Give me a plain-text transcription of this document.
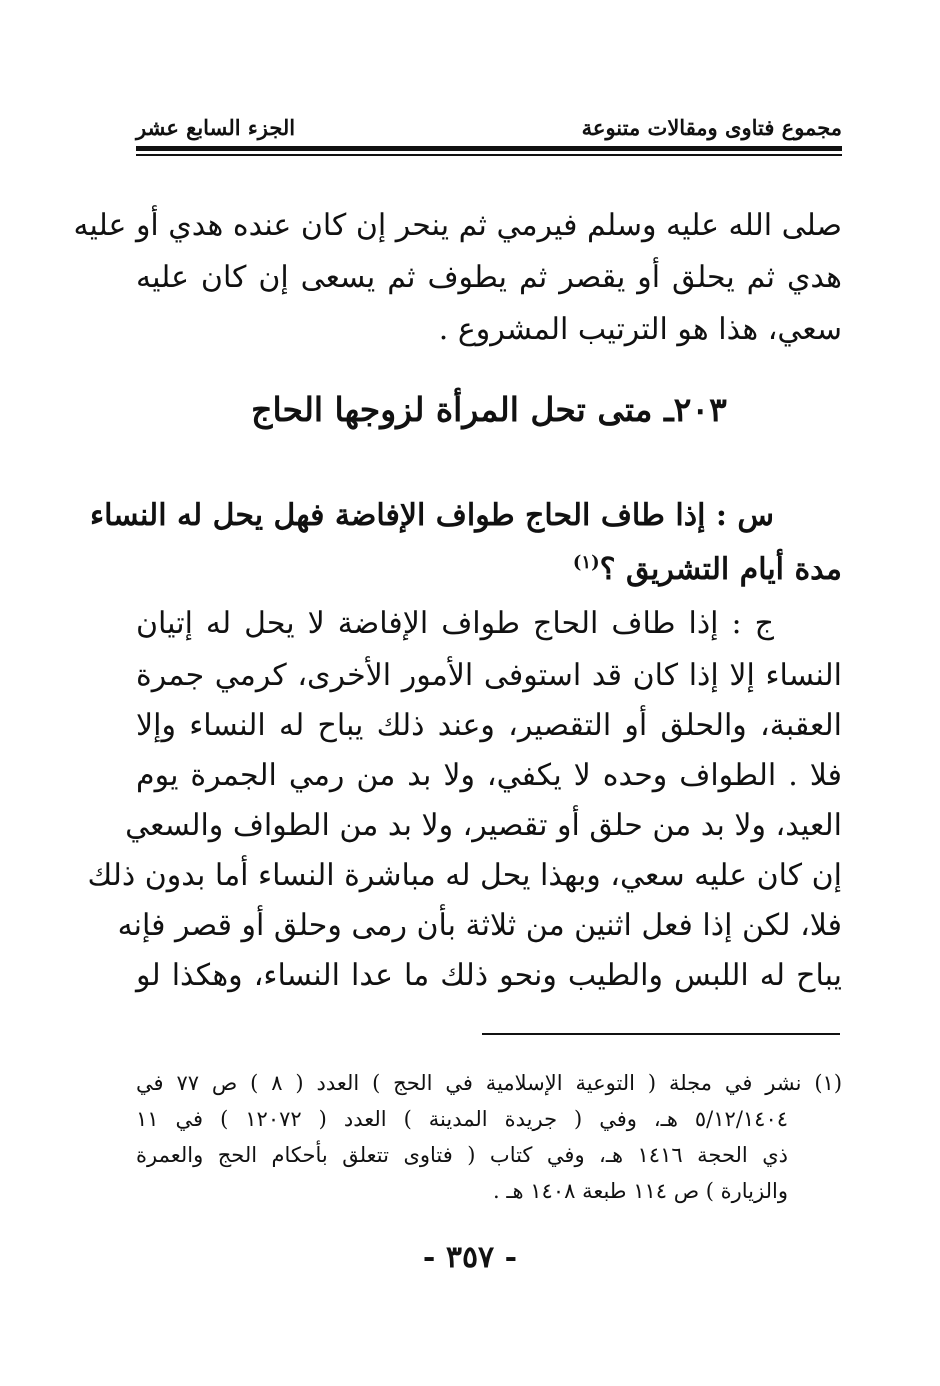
مجموع فتاوى ومقالات متنوعة
الجزء السابع عشر
صلى الله عليه وسلم فيرمي ثم ينحر إن كان عنده هدي أو عليه
هدي ثم يحلق أو يقصر ثم يطوف ثم يسعى إن كان عليه
سعي، هذا هو الترتيب المشروع .
٢٠٣ـ متى تحل المرأة لزوجها الحاج
س : إذا طاف الحاج طواف الإفاضة فهل يحل له النساء
مدة أيام التشريق ؟$^{(١)}$
ج : إذا طاف الحاج طواف الإفاضة لا يحل له إتيان
النساء إلا إذا كان قد استوفى الأمور الأخرى، كرمي جمرة
العقبة، والحلق أو التقصير، وعند ذلك يباح له النساء وإلا
فلا . الطواف وحده لا يكفي، ولا بد من رمي الجمرة يوم
العيد، ولا بد من حلق أو تقصير، ولا بد من الطواف والسعي
إن كان عليه سعي، وبهذا يحل له مباشرة النساء أما بدون ذلك
فلا، لكن إذا فعل اثنين من ثلاثة بأن رمى وحلق أو قصر فإنه
يباح له اللبس والطيب ونحو ذلك ما عدا النساء، وهكذا لو
(١) نشر في مجلة ( التوعية الإسلامية في الحج ) العدد ( ٨ ) ص ٧٧ في
٥/١٢/١٤٠٤ هـ، وفي ( جريدة المدينة ) العدد ( ١٢٠٧٢ ) في ١١
ذي الحجة ١٤١٦ هـ، وفي كتاب ( فتاوى تتعلق بأحكام الحج والعمرة
والزيارة ) ص ١١٤ طبعة ١٤٠٨ هـ .
- ٣٥٧ -
